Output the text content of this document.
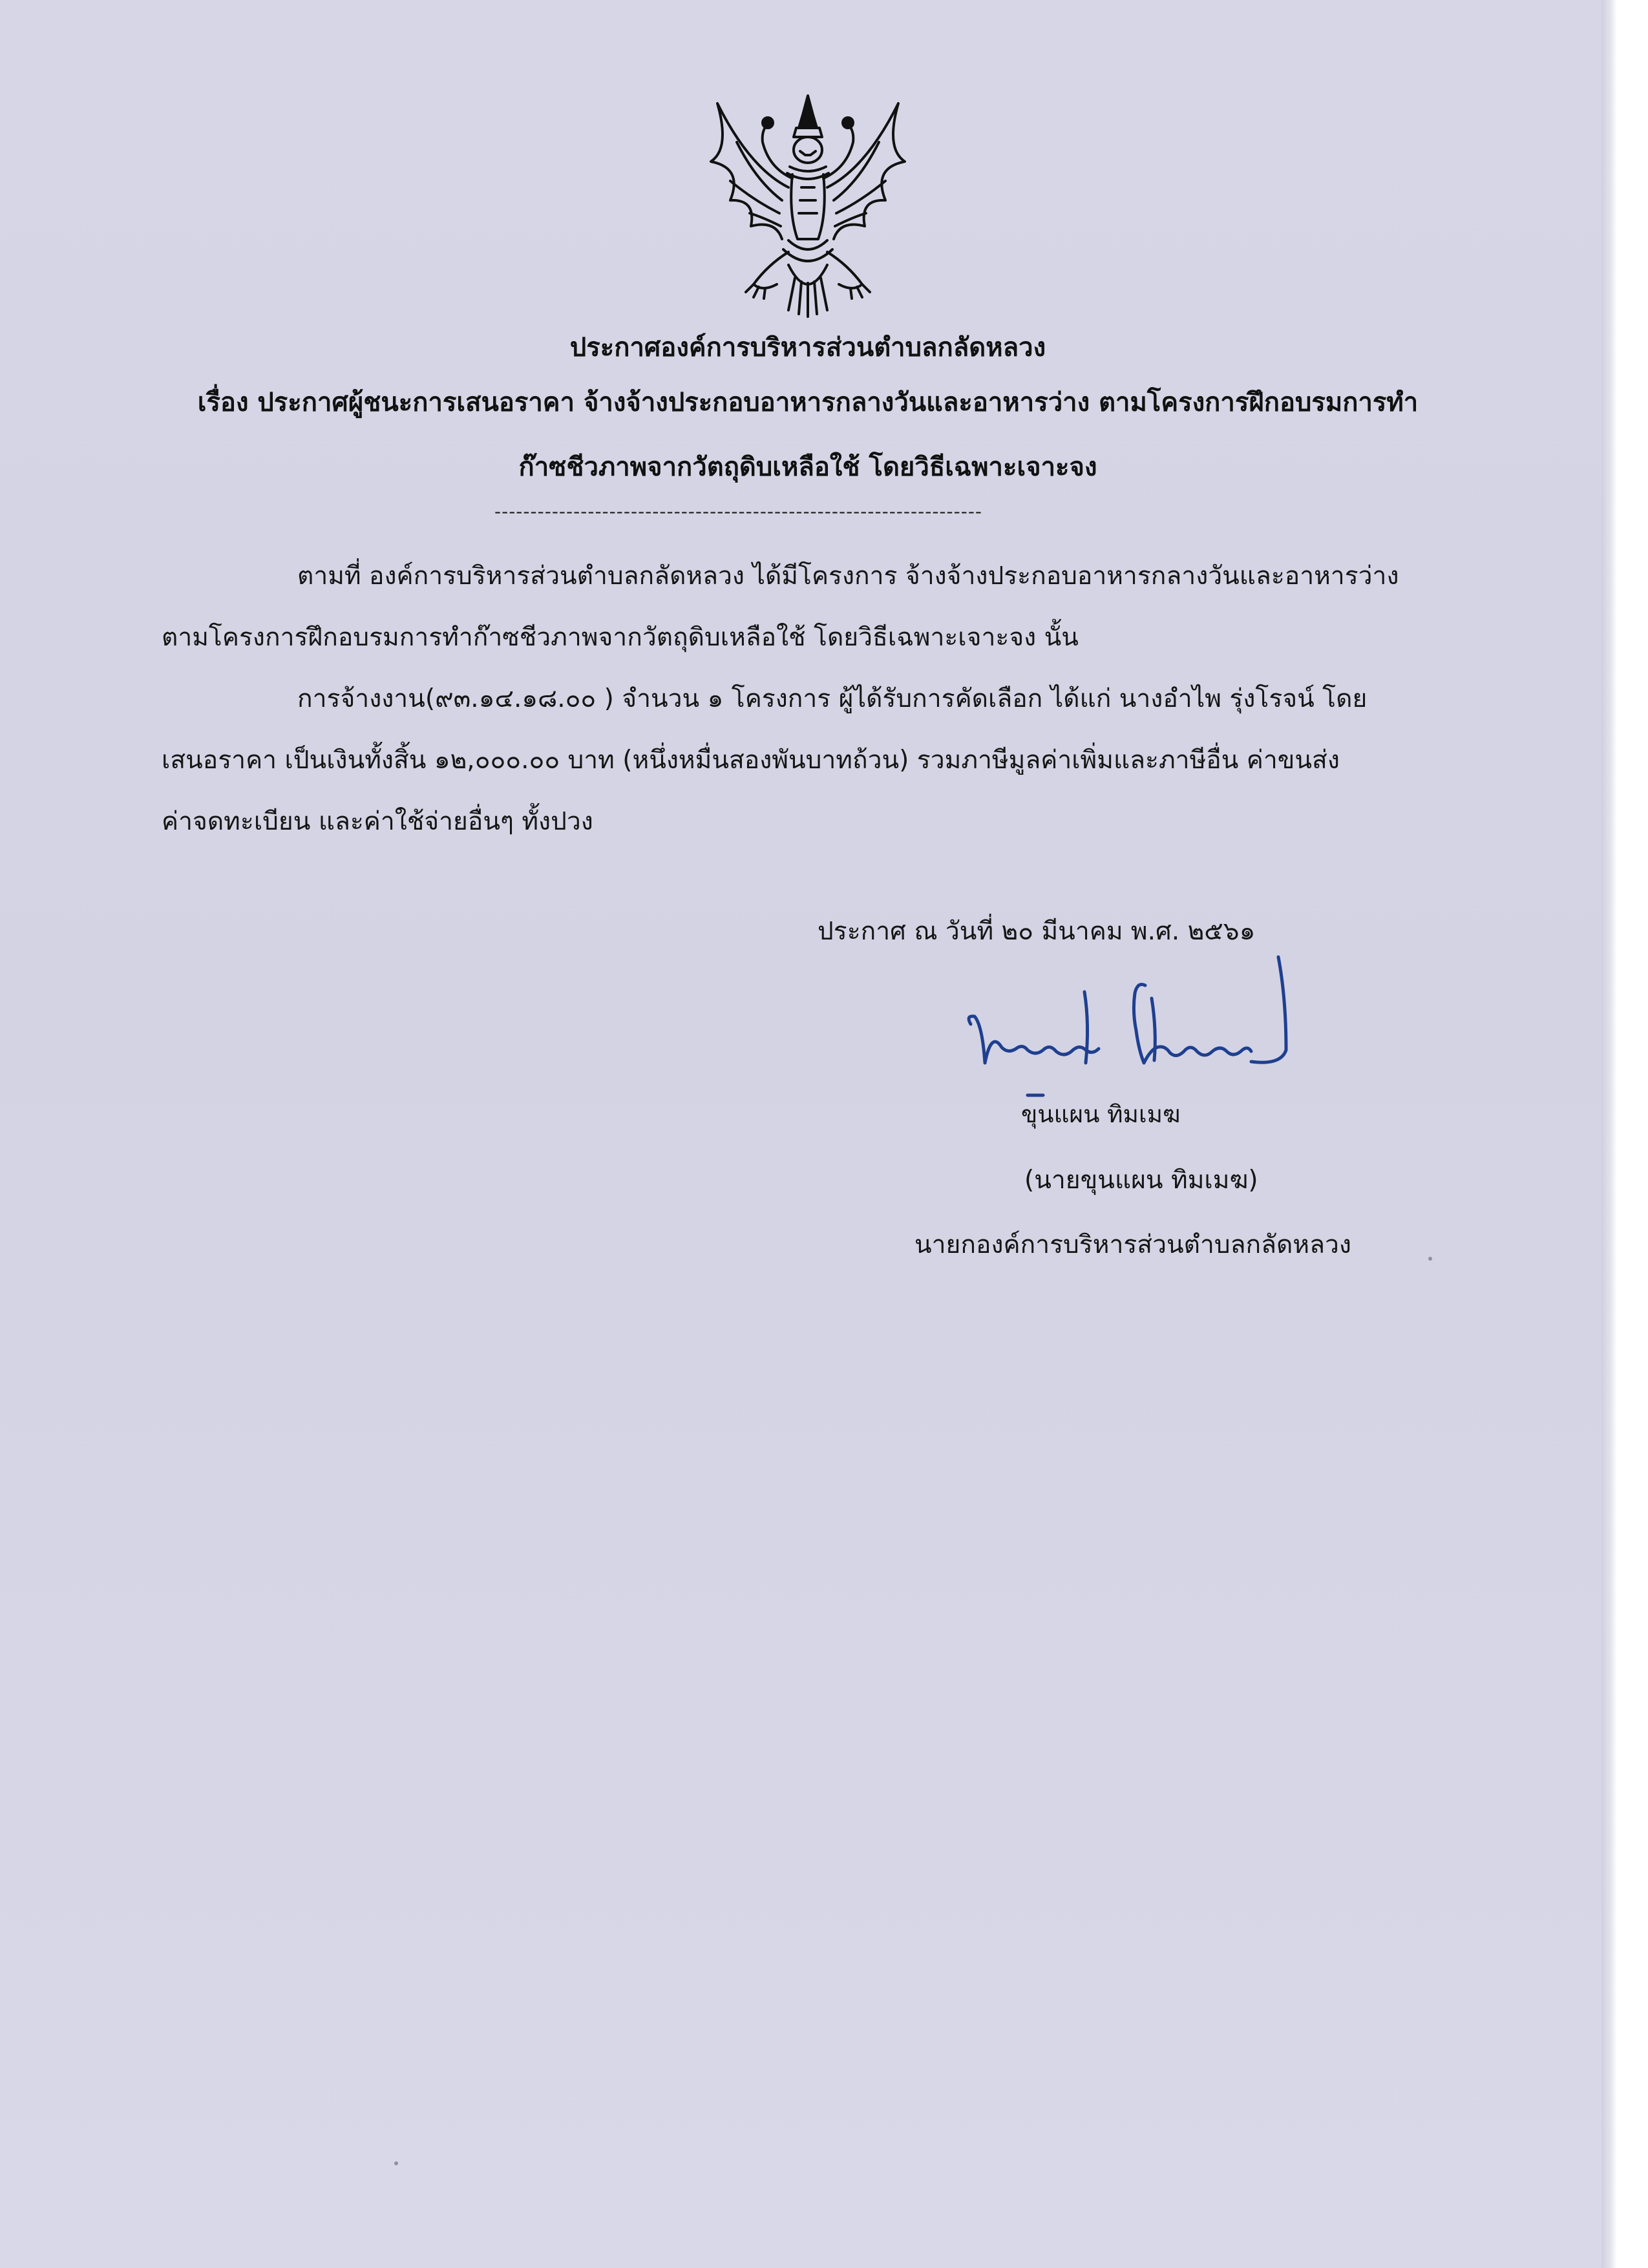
ประกาศองค์การบริหารส่วนตำบลกลัดหลวง
เรื่อง ประกาศผู้ชนะการเสนอราคา จ้างจ้างประกอบอาหารกลางวันและอาหารว่าง ตามโครงการฝึกอบรมการทำ
ก๊าซชีวภาพจากวัตถุดิบเหลือใช้ โดยวิธีเฉพาะเจาะจง
--------------------------------------------------------------------
ตามที่ องค์การบริหารส่วนตำบลกลัดหลวง ได้มีโครงการ จ้างจ้างประกอบอาหารกลางวันและอาหารว่าง
ตามโครงการฝึกอบรมการทำก๊าซชีวภาพจากวัตถุดิบเหลือใช้ โดยวิธีเฉพาะเจาะจง นั้น
การจ้างงาน(๙๓.๑๔.๑๘.๐๐ ) จำนวน ๑ โครงการ ผู้ได้รับการคัดเลือก ได้แก่ นางอำไพ รุ่งโรจน์ โดย
เสนอราคา เป็นเงินทั้งสิ้น ๑๒,๐๐๐.๐๐ บาท (หนึ่งหมื่นสองพันบาทถ้วน) รวมภาษีมูลค่าเพิ่มและภาษีอื่น ค่าขนส่ง
ค่าจดทะเบียน และค่าใช้จ่ายอื่นๆ ทั้งปวง
ประกาศ ณ วันที่ ๒๐ มีนาคม พ.ศ. ๒๕๖๑
ขุนแผน ทิมเมฆ
(นายขุนแผน ทิมเมฆ)
นายกองค์การบริหารส่วนตำบลกลัดหลวง
